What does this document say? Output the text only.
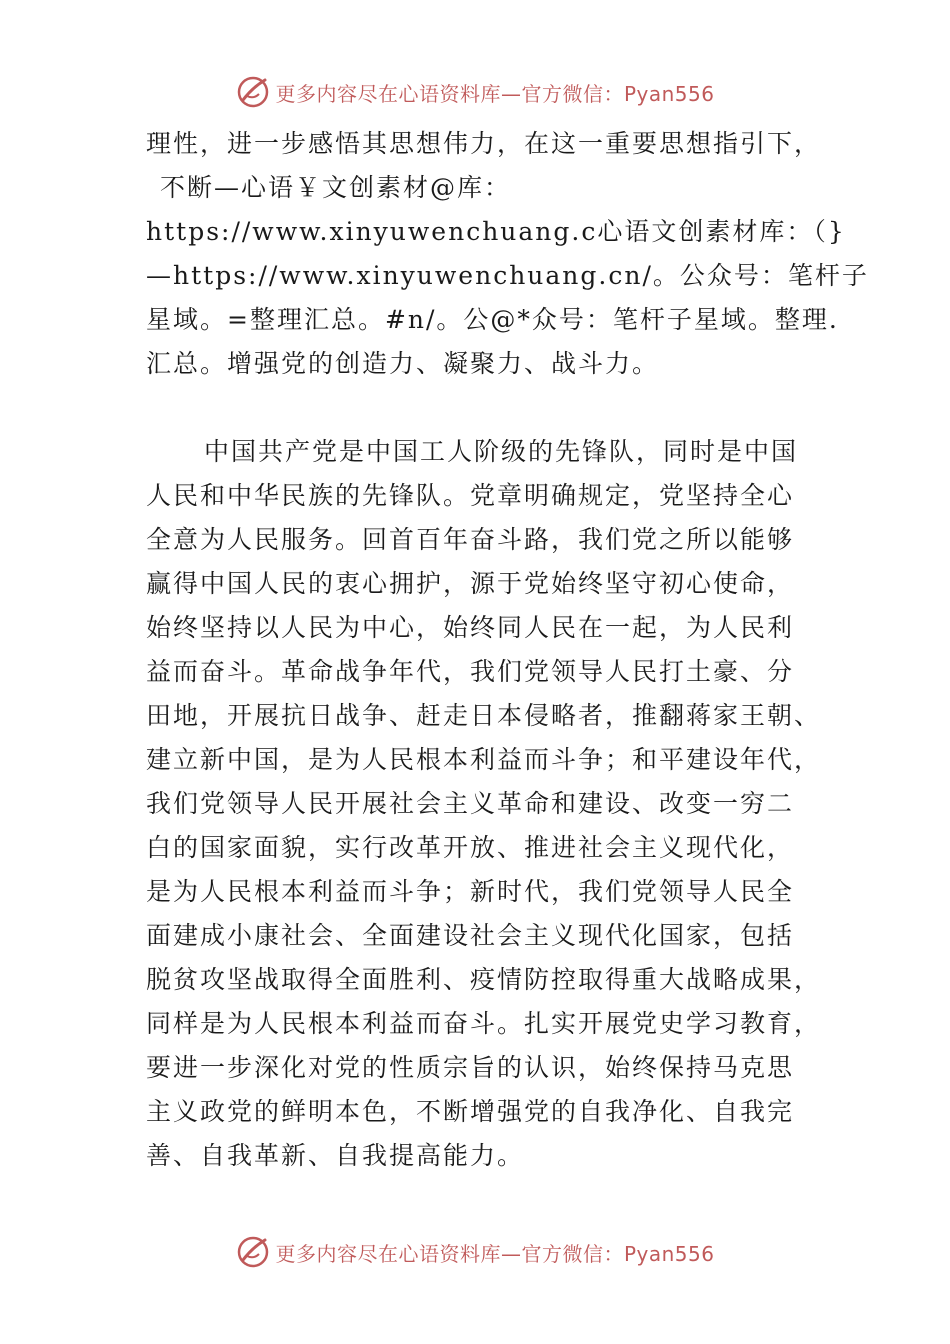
更多内容尽在心语资料库—官方微信：Pyan556
理性，进一步感悟其思想伟力，在这一重要思想指引下，
不断—心语￥文创素材@库：
https://www.xinyuwenchuang.c心语文创素材库：（}
—https://www.xinyuwenchuang.cn/。公众号：笔杆子
星域。=整理汇总。#n/。公@*众号：笔杆子星域。整理.
汇总。增强党的创造力、凝聚力、战斗力。
中国共产党是中国工人阶级的先锋队，同时是中国
人民和中华民族的先锋队。党章明确规定，党坚持全心
全意为人民服务。回首百年奋斗路，我们党之所以能够
赢得中国人民的衷心拥护，源于党始终坚守初心使命，
始终坚持以人民为中心，始终同人民在一起，为人民利
益而奋斗。革命战争年代，我们党领导人民打土豪、分
田地，开展抗日战争、赶走日本侵略者，推翻蒋家王朝、
建立新中国，是为人民根本利益而斗争；和平建设年代，
我们党领导人民开展社会主义革命和建设、改变一穷二
白的国家面貌，实行改革开放、推进社会主义现代化，
是为人民根本利益而斗争；新时代，我们党领导人民全
面建成小康社会、全面建设社会主义现代化国家，包括
脱贫攻坚战取得全面胜利、疫情防控取得重大战略成果，
同样是为人民根本利益而奋斗。扎实开展党史学习教育，
要进一步深化对党的性质宗旨的认识，始终保持马克思
主义政党的鲜明本色，不断增强党的自我净化、自我完
善、自我革新、自我提高能力。
更多内容尽在心语资料库—官方微信：Pyan556
